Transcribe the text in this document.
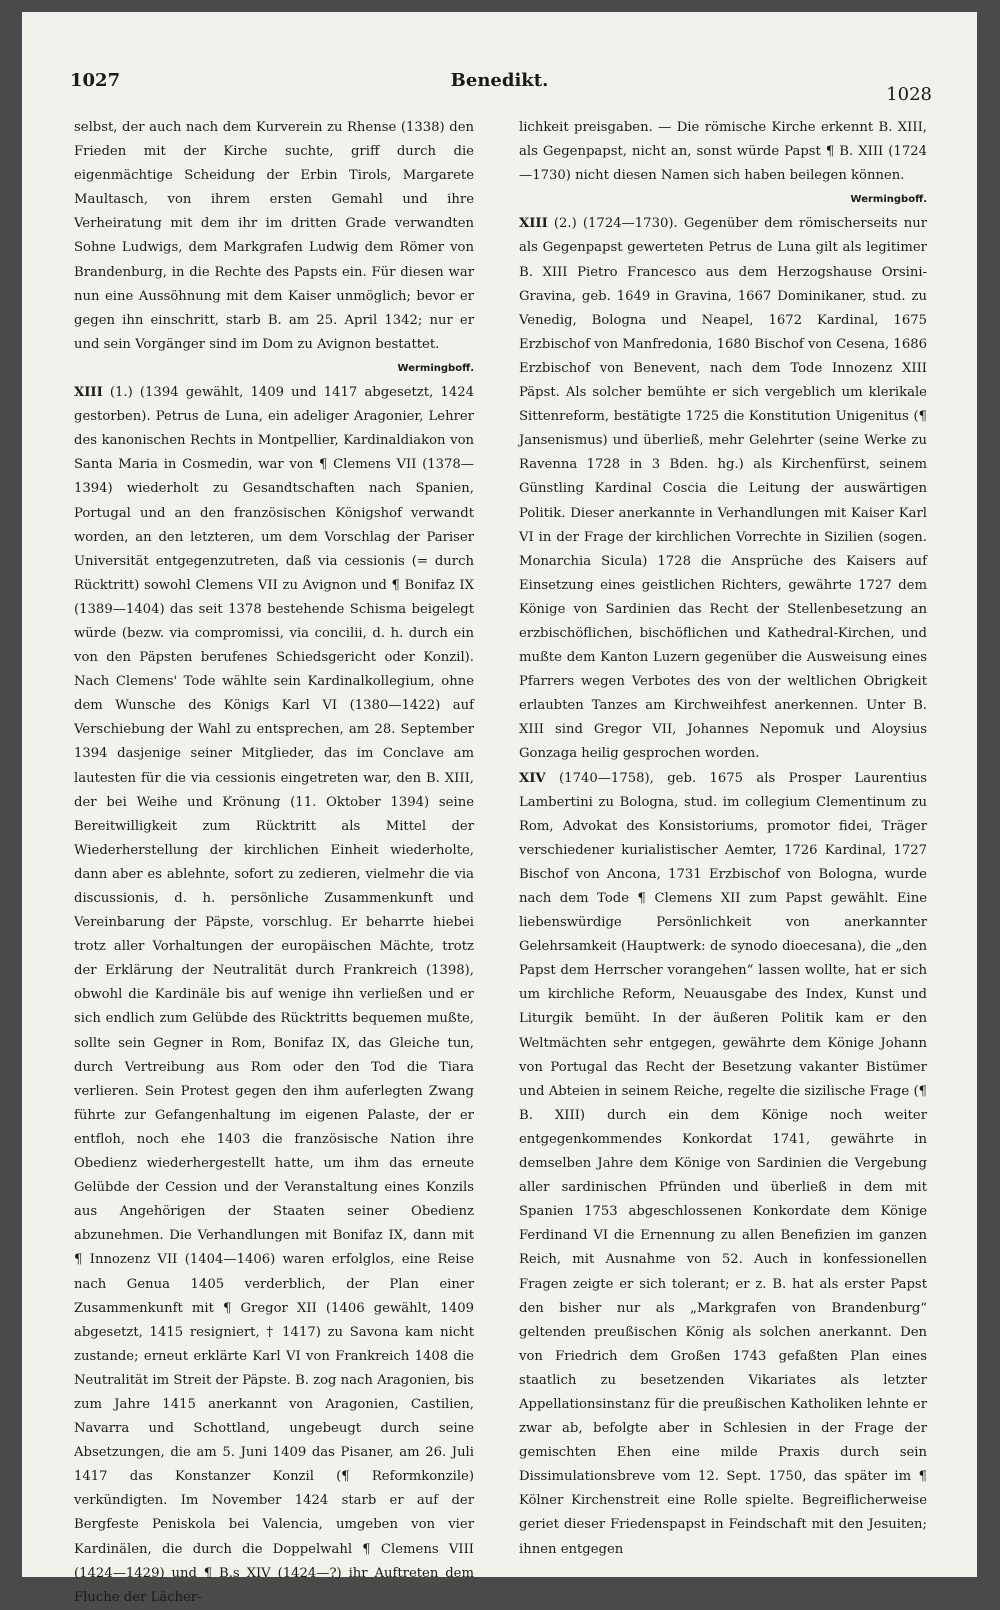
1027	Benedikt.
1028

selbst, der auch nach dem Kurverein zu Rhense (1338) den Frieden mit der Kirche suchte, griff durch die eigenmächtige Scheidung der Erbin Tirols, Margarete Maultasch, von ihrem ersten Gemahl und ihre Verheiratung mit dem ihr im dritten Grade verwandten Sohne Ludwigs, dem Markgrafen Ludwig dem Römer von Brandenburg, in die Rechte des Papsts ein. Für diesen war nun eine Aussöhnung mit dem Kaiser unmöglich; bevor er gegen ihn einschritt, starb B. am 25. April 1342; nur er und sein Vorgänger sind im Dom zu Avignon bestattet.

Wermingboff.

XIII (1.) (1394 gewählt, 1409 und 1417 abgesetzt, 1424 gestorben). Petrus de Luna, ein adeliger Aragonier, Lehrer des kanonischen Rechts in Montpellier, Kardinaldiakon von Santa Maria in Cosmedin, war von ¶ Clemens VII (1378—1394) wiederholt zu Gesandtschaften nach Spanien, Portugal und an den französischen Königshof verwandt worden, an den letzteren, um dem Vorschlag der Pariser Universität entgegenzutreten, daß via cessionis (= durch Rücktritt) sowohl Clemens VII zu Avignon und ¶ Bonifaz IX (1389—1404) das seit 1378 bestehende Schisma beigelegt würde (bezw. via compromissi, via concilii, d. h. durch ein von den Päpsten berufenes Schiedsgericht oder Konzil). Nach Clemens' Tode wählte sein Kardinalkollegium, ohne dem Wunsche des Königs Karl VI (1380—1422) auf Verschiebung der Wahl zu entsprechen, am 28. September 1394 dasjenige seiner Mitglieder, das im Conclave am lautesten für die via cessionis eingetreten war, den B. XIII, der bei Weihe und Krönung (11. Oktober 1394) seine Bereitwilligkeit zum Rücktritt als Mittel der Wiederherstellung der kirchlichen Einheit wiederholte, dann aber es ablehnte, sofort zu zedieren, vielmehr die via discussionis, d. h. persönliche Zusammenkunft und Vereinbarung der Päpste, vorschlug. Er beharrte hiebei trotz aller Vorhaltungen der europäischen Mächte, trotz der Erklärung der Neutralität durch Frankreich (1398), obwohl die Kardinäle bis auf wenige ihn verließen und er sich endlich zum Gelübde des Rücktritts bequemen mußte, sollte sein Gegner in Rom, Bonifaz IX, das Gleiche tun, durch Vertreibung aus Rom oder den Tod die Tiara verlieren. Sein Protest gegen den ihm auferlegten Zwang führte zur Gefangenhaltung im eigenen Palaste, der er entfloh, noch ehe 1403 die französische Nation ihre Obedienz wiederhergestellt hatte, um ihm das erneute Gelübde der Cession und der Veranstaltung eines Konzils aus Angehörigen der Staaten seiner Obedienz abzunehmen. Die Verhandlungen mit Bonifaz IX, dann mit ¶ Innozenz VII (1404—1406) waren erfolglos, eine Reise nach Genua 1405 verderblich, der Plan einer Zusammenkunft mit ¶ Gregor XII (1406 gewählt, 1409 abgesetzt, 1415 resigniert, † 1417) zu Savona kam nicht zustande; erneut erklärte Karl VI von Frankreich 1408 die Neutralität im Streit der Päpste. B. zog nach Aragonien, bis zum Jahre 1415 anerkannt von Aragonien, Castilien, Navarra und Schottland, ungebeugt durch seine Absetzungen, die am 5. Juni 1409 das Pisaner, am 26. Juli 1417 das Konstanzer Konzil (¶ Reformkonzile) verkündigten. Im November 1424 starb er auf der Bergfeste Peniskola bei Valencia, umgeben von vier Kardinälen, die durch die Doppelwahl ¶ Clemens VIII (1424—1429) und ¶ B.s XIV (1424—?) ihr Auftreten dem Fluche der Lächer-

lichkeit preisgaben. — Die römische Kirche erkennt B. XIII, als Gegenpapst, nicht an, sonst würde Papst ¶ B. XIII (1724—1730) nicht diesen Namen sich haben beilegen können.

Wermingboff.

XIII (2.) (1724—1730). Gegenüber dem römischerseits nur als Gegenpapst gewerteten Petrus de Luna gilt als legitimer B. XIII Pietro Francesco aus dem Herzogshause Orsini-Gravina, geb. 1649 in Gravina, 1667 Dominikaner, stud. zu Venedig, Bologna und Neapel, 1672 Kardinal, 1675 Erzbischof von Manfredonia, 1680 Bischof von Cesena, 1686 Erzbischof von Benevent, nach dem Tode Innozenz XIII Päpst. Als solcher bemühte er sich vergeblich um klerikale Sittenreform, bestätigte 1725 die Konstitution Unigenitus (¶ Jansenismus) und überließ, mehr Gelehrter (seine Werke zu Ravenna 1728 in 3 Bden. hg.) als Kirchenfürst, seinem Günstling Kardinal Coscia die Leitung der auswärtigen Politik. Dieser anerkannte in Verhandlungen mit Kaiser Karl VI in der Frage der kirchlichen Vorrechte in Sizilien (sogen. Monarchia Sicula) 1728 die Ansprüche des Kaisers auf Einsetzung eines geistlichen Richters, gewährte 1727 dem Könige von Sardinien das Recht der Stellenbesetzung an erzbischöflichen, bischöflichen und Kathedral-Kirchen, und mußte dem Kanton Luzern gegenüber die Ausweisung eines Pfarrers wegen Verbotes des von der weltlichen Obrigkeit erlaubten Tanzes am Kirchweihfest anerkennen. Unter B. XIII sind Gregor VII, Johannes Nepomuk und Aloysius Gonzaga heilig gesprochen worden.

XIV (1740—1758), geb. 1675 als Prosper Laurentius Lambertini zu Bologna, stud. im collegium Clementinum zu Rom, Advokat des Konsistoriums, promotor fidei, Träger verschiedener kurialistischer Aemter, 1726 Kardinal, 1727 Bischof von Ancona, 1731 Erzbischof von Bologna, wurde nach dem Tode ¶ Clemens XII zum Papst gewählt. Eine liebenswürdige Persönlichkeit von anerkannter Gelehrsamkeit (Hauptwerk: de synodo dioecesana), die „den Papst dem Herrscher vorangehen“ lassen wollte, hat er sich um kirchliche Reform, Neuausgabe des Index, Kunst und Liturgik bemüht. In der äußeren Politik kam er den Weltmächten sehr entgegen, gewährte dem Könige Johann von Portugal das Recht der Besetzung vakanter Bistümer und Abteien in seinem Reiche, regelte die sizilische Frage (¶ B. XIII) durch ein dem Könige noch weiter entgegenkommendes Konkordat 1741, gewährte in demselben Jahre dem Könige von Sardinien die Vergebung aller sardinischen Pfründen und überließ in dem mit Spanien 1753 abgeschlossenen Konkordate dem Könige Ferdinand VI die Ernennung zu allen Benefizien im ganzen Reich, mit Ausnahme von 52. Auch in konfessionellen Fragen zeigte er sich tolerant; er z. B. hat als erster Papst den bisher nur als „Markgrafen von Brandenburg“ geltenden preußischen König als solchen anerkannt. Den von Friedrich dem Großen 1743 gefaßten Plan eines staatlich zu besetzenden Vikariates als letzter Appellationsinstanz für die preußischen Katholiken lehnte er zwar ab, befolgte aber in Schlesien in der Frage der gemischten Ehen eine milde Praxis durch sein Dissimulationsbreve vom 12. Sept. 1750, das später im ¶ Kölner Kirchenstreit eine Rolle spielte. Begreiflicherweise geriet dieser Friedenspapst in Feindschaft mit den Jesuiten; ihnen entgegen
